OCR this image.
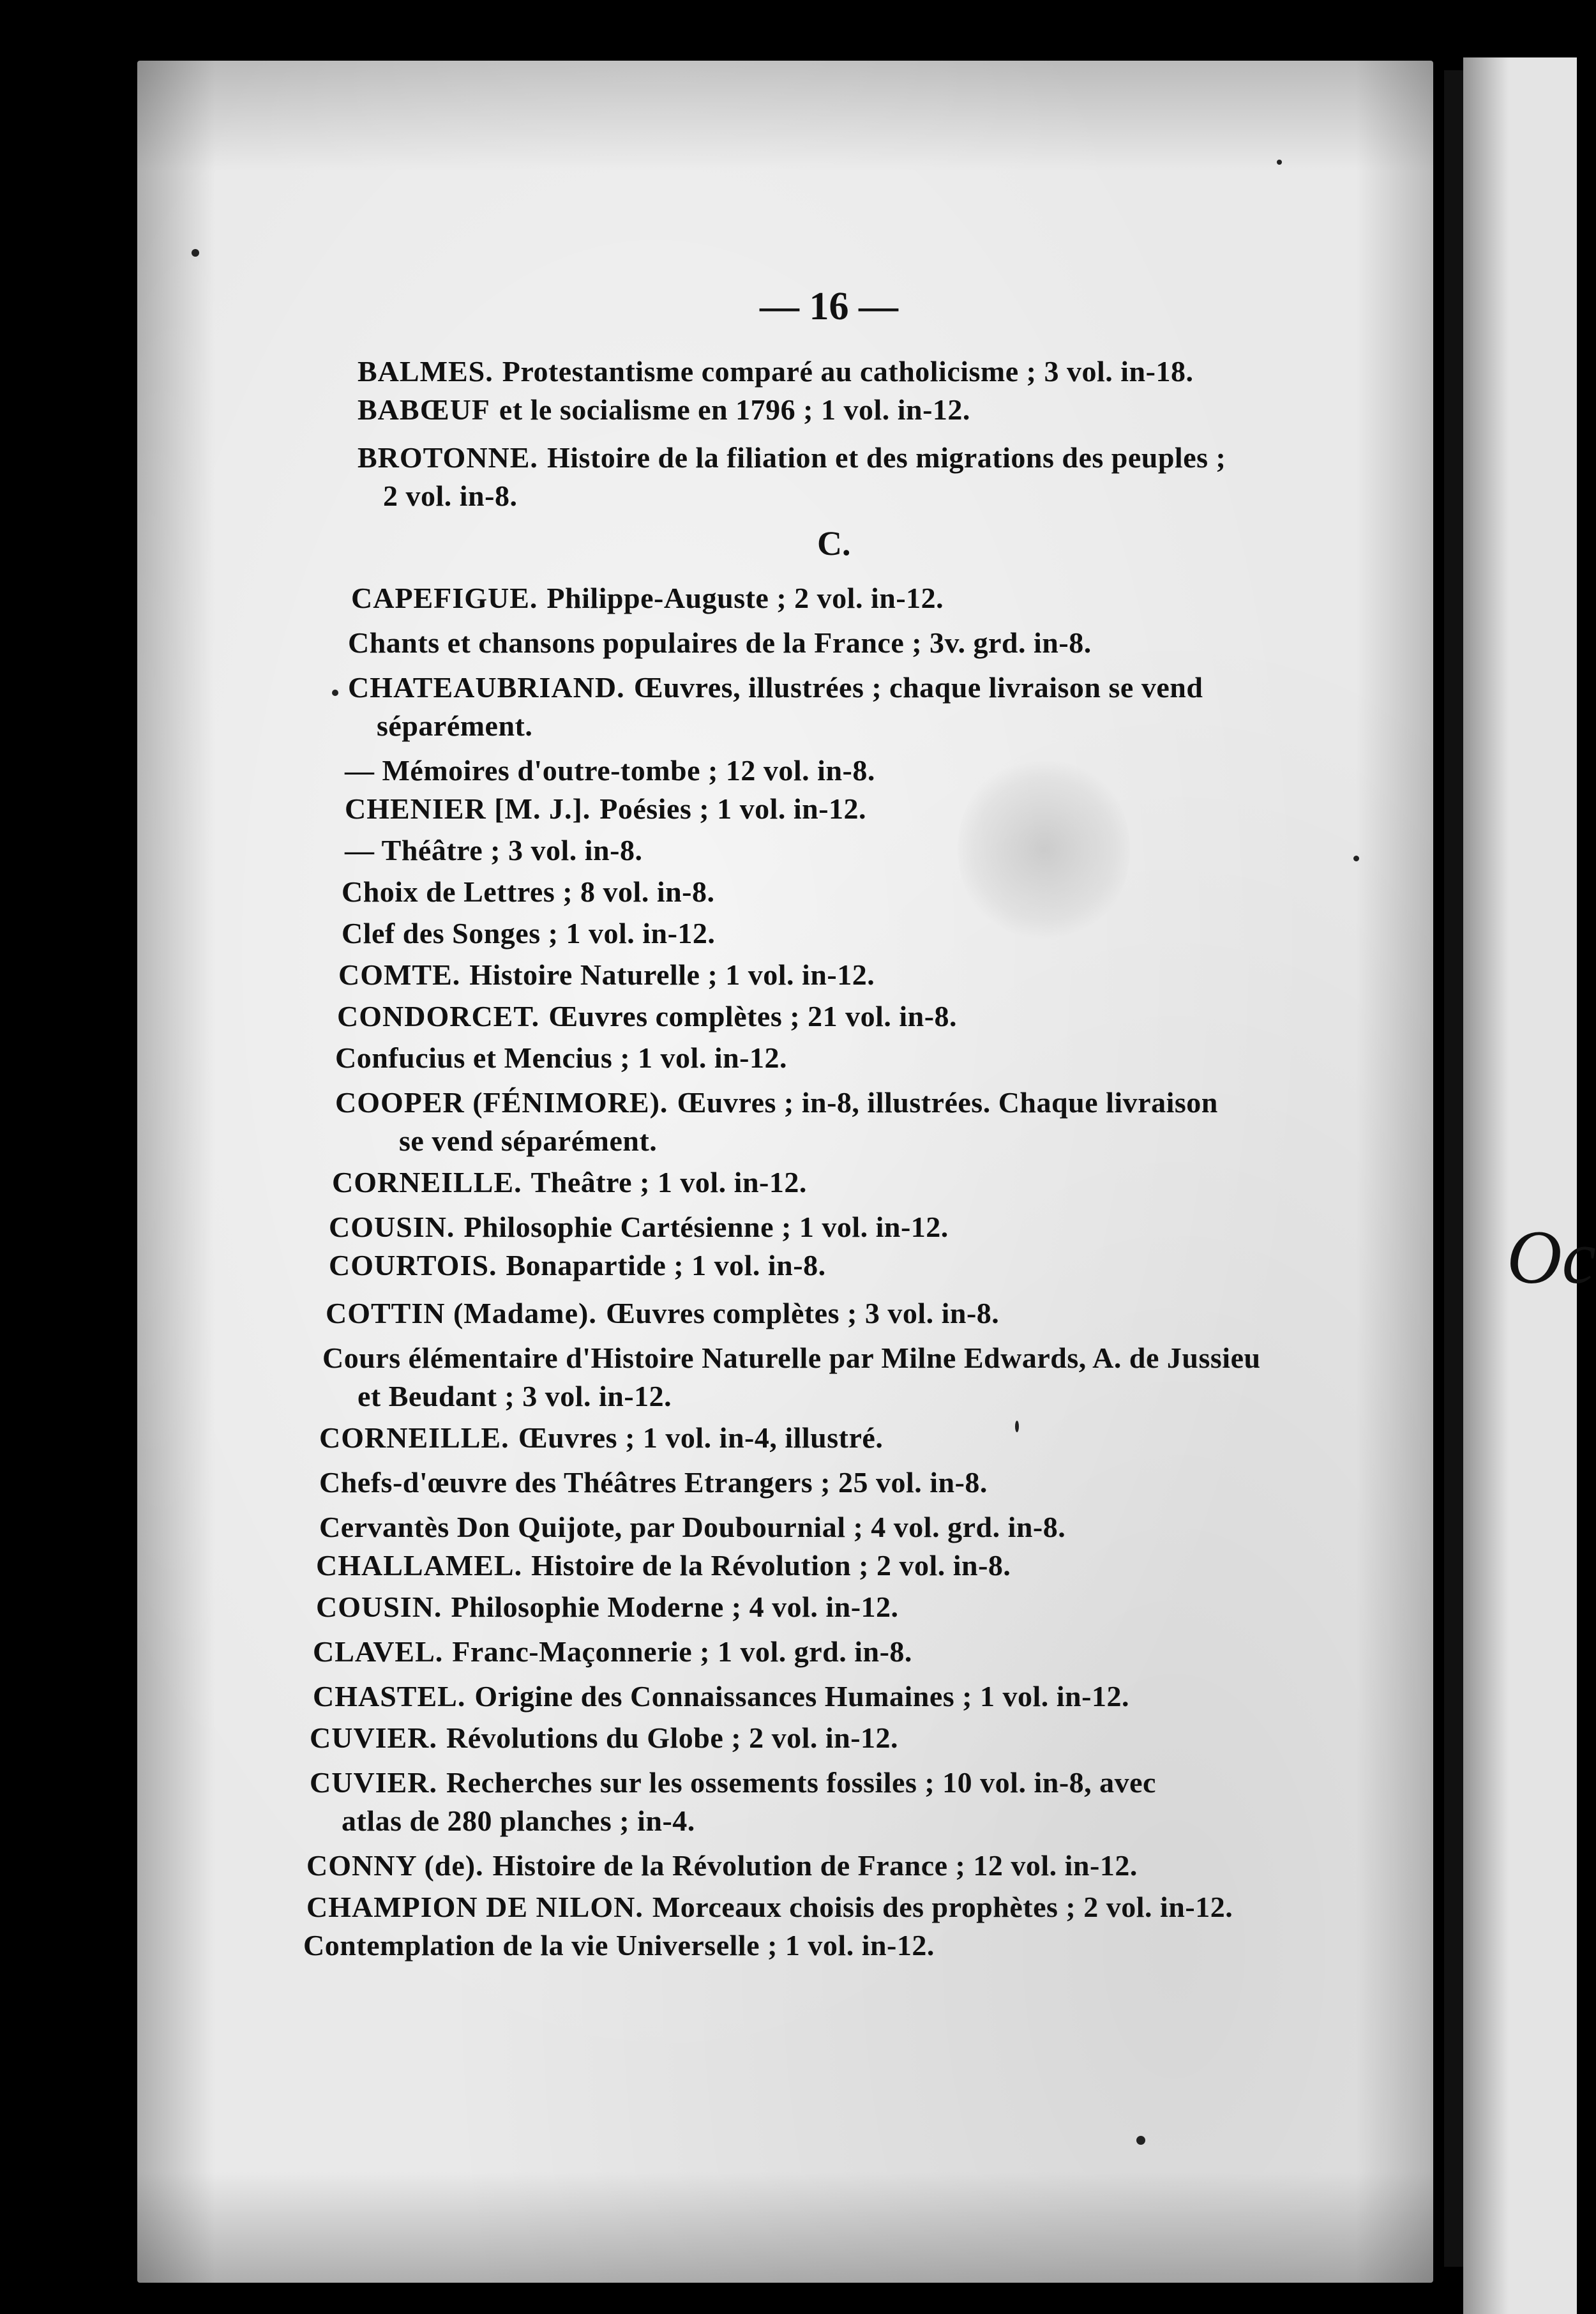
Oc
— 16 —
C.
BALMES. Protestantisme comparé au catholicisme ; 3 vol. in-18.
BABŒUF et le socialisme en 1796 ; 1 vol. in-12.
BROTONNE. Histoire de la filiation et des migrations des peuples ;
2 vol. in-8.
CAPEFIGUE. Philippe-Auguste ; 2 vol. in-12.
Chants et chansons populaires de la France ; 3v. grd. in-8.
CHATEAUBRIAND. Œuvres, illustrées ; chaque livraison se vend
séparément.
— Mémoires d'outre-tombe ; 12 vol. in-8.
CHENIER [M. J.]. Poésies ; 1 vol. in-12.
— Théâtre ; 3 vol. in-8.
Choix de Lettres ; 8 vol. in-8.
Clef des Songes ; 1 vol. in-12.
COMTE. Histoire Naturelle ; 1 vol. in-12.
CONDORCET. Œuvres complètes ; 21 vol. in-8.
Confucius et Mencius ; 1 vol. in-12.
COOPER (FÉNIMORE). Œuvres ; in-8, illustrées. Chaque livraison
se vend séparément.
CORNEILLE. Theâtre ; 1 vol. in-12.
COUSIN. Philosophie Cartésienne ; 1 vol. in-12.
COURTOIS. Bonapartide ; 1 vol. in-8.
COTTIN (Madame). Œuvres complètes ; 3 vol. in-8.
Cours élémentaire d'Histoire Naturelle par Milne Edwards, A. de Jussieu
et Beudant ; 3 vol. in-12.
CORNEILLE. Œuvres ; 1 vol. in-4, illustré.
Chefs-d'œuvre des Théâtres Etrangers ; 25 vol. in-8.
Cervantès Don Quijote, par Doubournial ; 4 vol. grd. in-8.
CHALLAMEL. Histoire de la Révolution ; 2 vol. in-8.
COUSIN. Philosophie Moderne ; 4 vol. in-12.
CLAVEL. Franc-Maçonnerie ; 1 vol. grd. in-8.
CHASTEL. Origine des Connaissances Humaines ; 1 vol. in-12.
CUVIER. Révolutions du Globe ; 2 vol. in-12.
CUVIER. Recherches sur les ossements fossiles ; 10 vol. in-8, avec
atlas de 280 planches ; in-4.
CONNY (de). Histoire de la Révolution de France ; 12 vol. in-12.
CHAMPION DE NILON. Morceaux choisis des prophètes ; 2 vol. in-12.
Contemplation de la vie Universelle ; 1 vol. in-12.
